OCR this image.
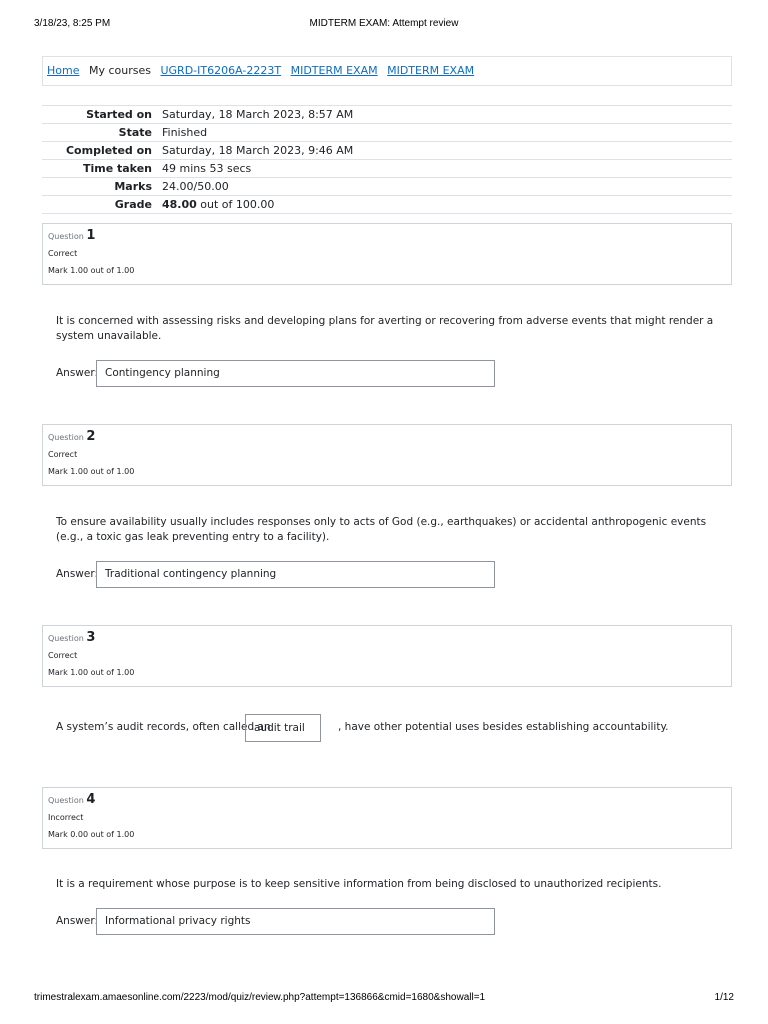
3/18/23, 8:25 PM	MIDTERM EXAM: Attempt review
Home My courses UGRD-IT6206A-2223T MIDTERM EXAM MIDTERM EXAM
Started on	Saturday, 18 March 2023, 8:57 AM
State	Finished
Completed on	Saturday, 18 March 2023, 9:46 AM
Time taken	49 mins 53 secs
Marks	24.00/50.00
Grade	48.00 out of 100.00
Question 1
Correct
Mark 1.00 out of 1.00
It is concerned with assessing risks and developing plans for averting or recovering from adverse events that might render a system unavailable.
Answer: Contingency planning
Question 2
Correct
Mark 1.00 out of 1.00
To ensure availability usually includes responses only to acts of God (e.g., earthquakes) or accidental anthropogenic events (e.g., a toxic gas leak preventing entry to a facility).
Answer: Traditional contingency planning
Question 3
Correct
Mark 1.00 out of 1.00
A system’s audit records, often called an
audit trail	, have other potential uses besides establishing accountability.
Question 4
Incorrect
Mark 0.00 out of 1.00
It is a requirement whose purpose is to keep sensitive information from being disclosed to unauthorized recipients.
Answer: Informational privacy rights
trimestralexam.amaesonline.com/2223/mod/quiz/review.php?attempt=136866&cmid=1680&showall=1	1/12
